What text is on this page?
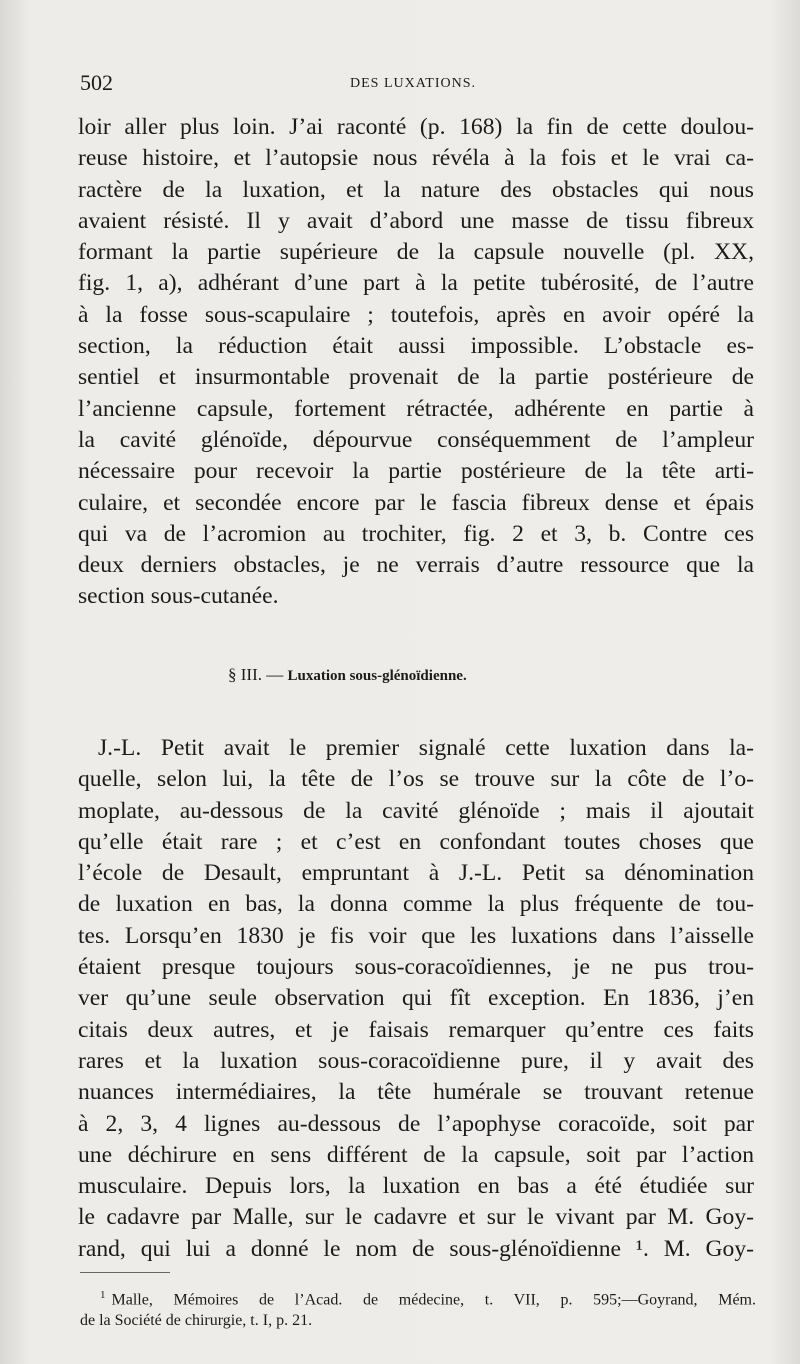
502	DES LUXATIONS.
loir aller plus loin. J’ai raconté (p. 168) la fin de cette doulou-
reuse histoire, et l’autopsie nous révéla à la fois et le vrai ca-
ractère de la luxation, et la nature des obstacles qui nous
avaient résisté. Il y avait d’abord une masse de tissu fibreux
formant la partie supérieure de la capsule nouvelle (pl. XX,
fig. 1, a), adhérant d’une part à la petite tubérosité, de l’autre
à la fosse sous-scapulaire ; toutefois, après en avoir opéré la
section, la réduction était aussi impossible. L’obstacle es-
sentiel et insurmontable provenait de la partie postérieure de
l’ancienne capsule, fortement rétractée, adhérente en partie à
la cavité glénoïde, dépourvue conséquemment de l’ampleur
nécessaire pour recevoir la partie postérieure de la tête arti-
culaire, et secondée encore par le fascia fibreux dense et épais
qui va de l’acromion au trochiter, fig. 2 et 3, b. Contre ces
deux derniers obstacles, je ne verrais d’autre ressource que la
section sous-cutanée.
§ III. — Luxation sous-glénoïdienne.
J.-L. Petit avait le premier signalé cette luxation dans la-
quelle, selon lui, la tête de l’os se trouve sur la côte de l’o-
moplate, au-dessous de la cavité glénoïde ; mais il ajoutait
qu’elle était rare ; et c’est en confondant toutes choses que
l’école de Desault, empruntant à J.-L. Petit sa dénomination
de luxation en bas, la donna comme la plus fréquente de tou-
tes. Lorsqu’en 1830 je fis voir que les luxations dans l’aisselle
étaient presque toujours sous-coracoïdiennes, je ne pus trou-
ver qu’une seule observation qui fît exception. En 1836, j’en
citais deux autres, et je faisais remarquer qu’entre ces faits
rares et la luxation sous-coracoïdienne pure, il y avait des
nuances intermédiaires, la tête humérale se trouvant retenue
à 2, 3, 4 lignes au-dessous de l’apophyse coracoïde, soit par
une déchirure en sens différent de la capsule, soit par l’action
musculaire. Depuis lors, la luxation en bas a été étudiée sur
le cadavre par Malle, sur le cadavre et sur le vivant par M. Goy-
rand, qui lui a donné le nom de sous-glénoïdienne ¹. M. Goy-
$^1$ Malle, Mémoires de l’Acad. de médecine, t. VII, p. 595;—Goyrand, Mém.
de la Société de chirurgie, t. I, p. 21.
